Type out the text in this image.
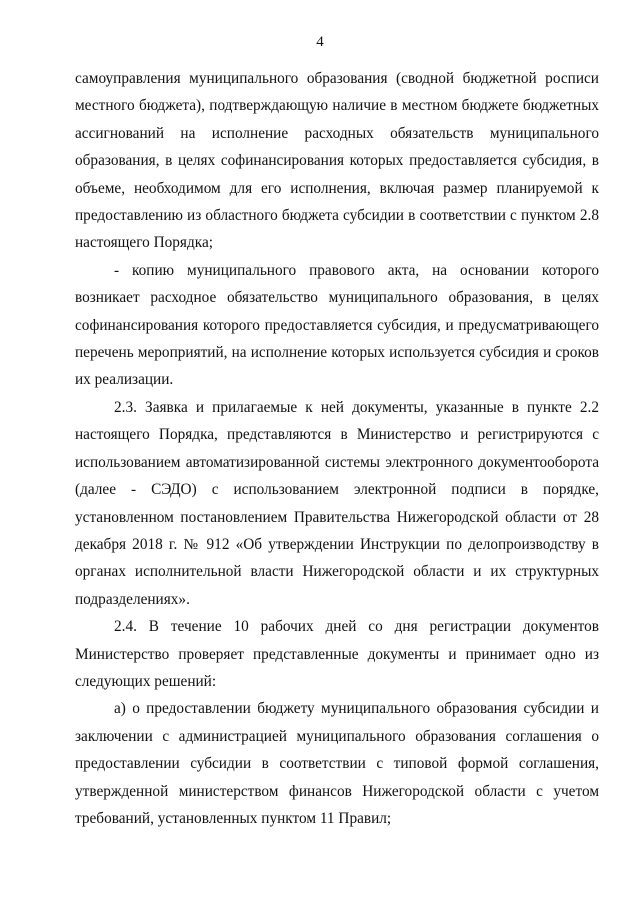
4

самоуправления муниципального образования (сводной бюджетной росписи местного бюджета), подтверждающую наличие в местном бюджете бюджетных ассигнований на исполнение расходных обязательств муниципального образования, в целях софинансирования которых предоставляется субсидия, в объеме, необходимом для его исполнения, включая размер планируемой к предоставлению из областного бюджета субсидии в соответствии с пунктом 2.8 настоящего Порядка;

- копию муниципального правового акта, на основании которого возникает расходное обязательство муниципального образования, в целях софинансирования которого предоставляется субсидия, и предусматривающего перечень мероприятий, на исполнение которых используется субсидия и сроков их реализации.

2.3. Заявка и прилагаемые к ней документы, указанные в пункте 2.2 настоящего Порядка, представляются в Министерство и регистрируются с использованием автоматизированной системы электронного документооборота (далее - СЭДО) с использованием электронной подписи в порядке, установленном постановлением Правительства Нижегородской области от 28 декабря 2018 г. № 912 «Об утверждении Инструкции по делопроизводству в органах исполнительной власти Нижегородской области и их структурных подразделениях».

2.4. В течение 10 рабочих дней со дня регистрации документов Министерство проверяет представленные документы и принимает одно из следующих решений:

а) о предоставлении бюджету муниципального образования субсидии и заключении с администрацией муниципального образования соглашения о предоставлении субсидии в соответствии с типовой формой соглашения, утвержденной министерством финансов Нижегородской области с учетом требований, установленных пунктом 11 Правил;
